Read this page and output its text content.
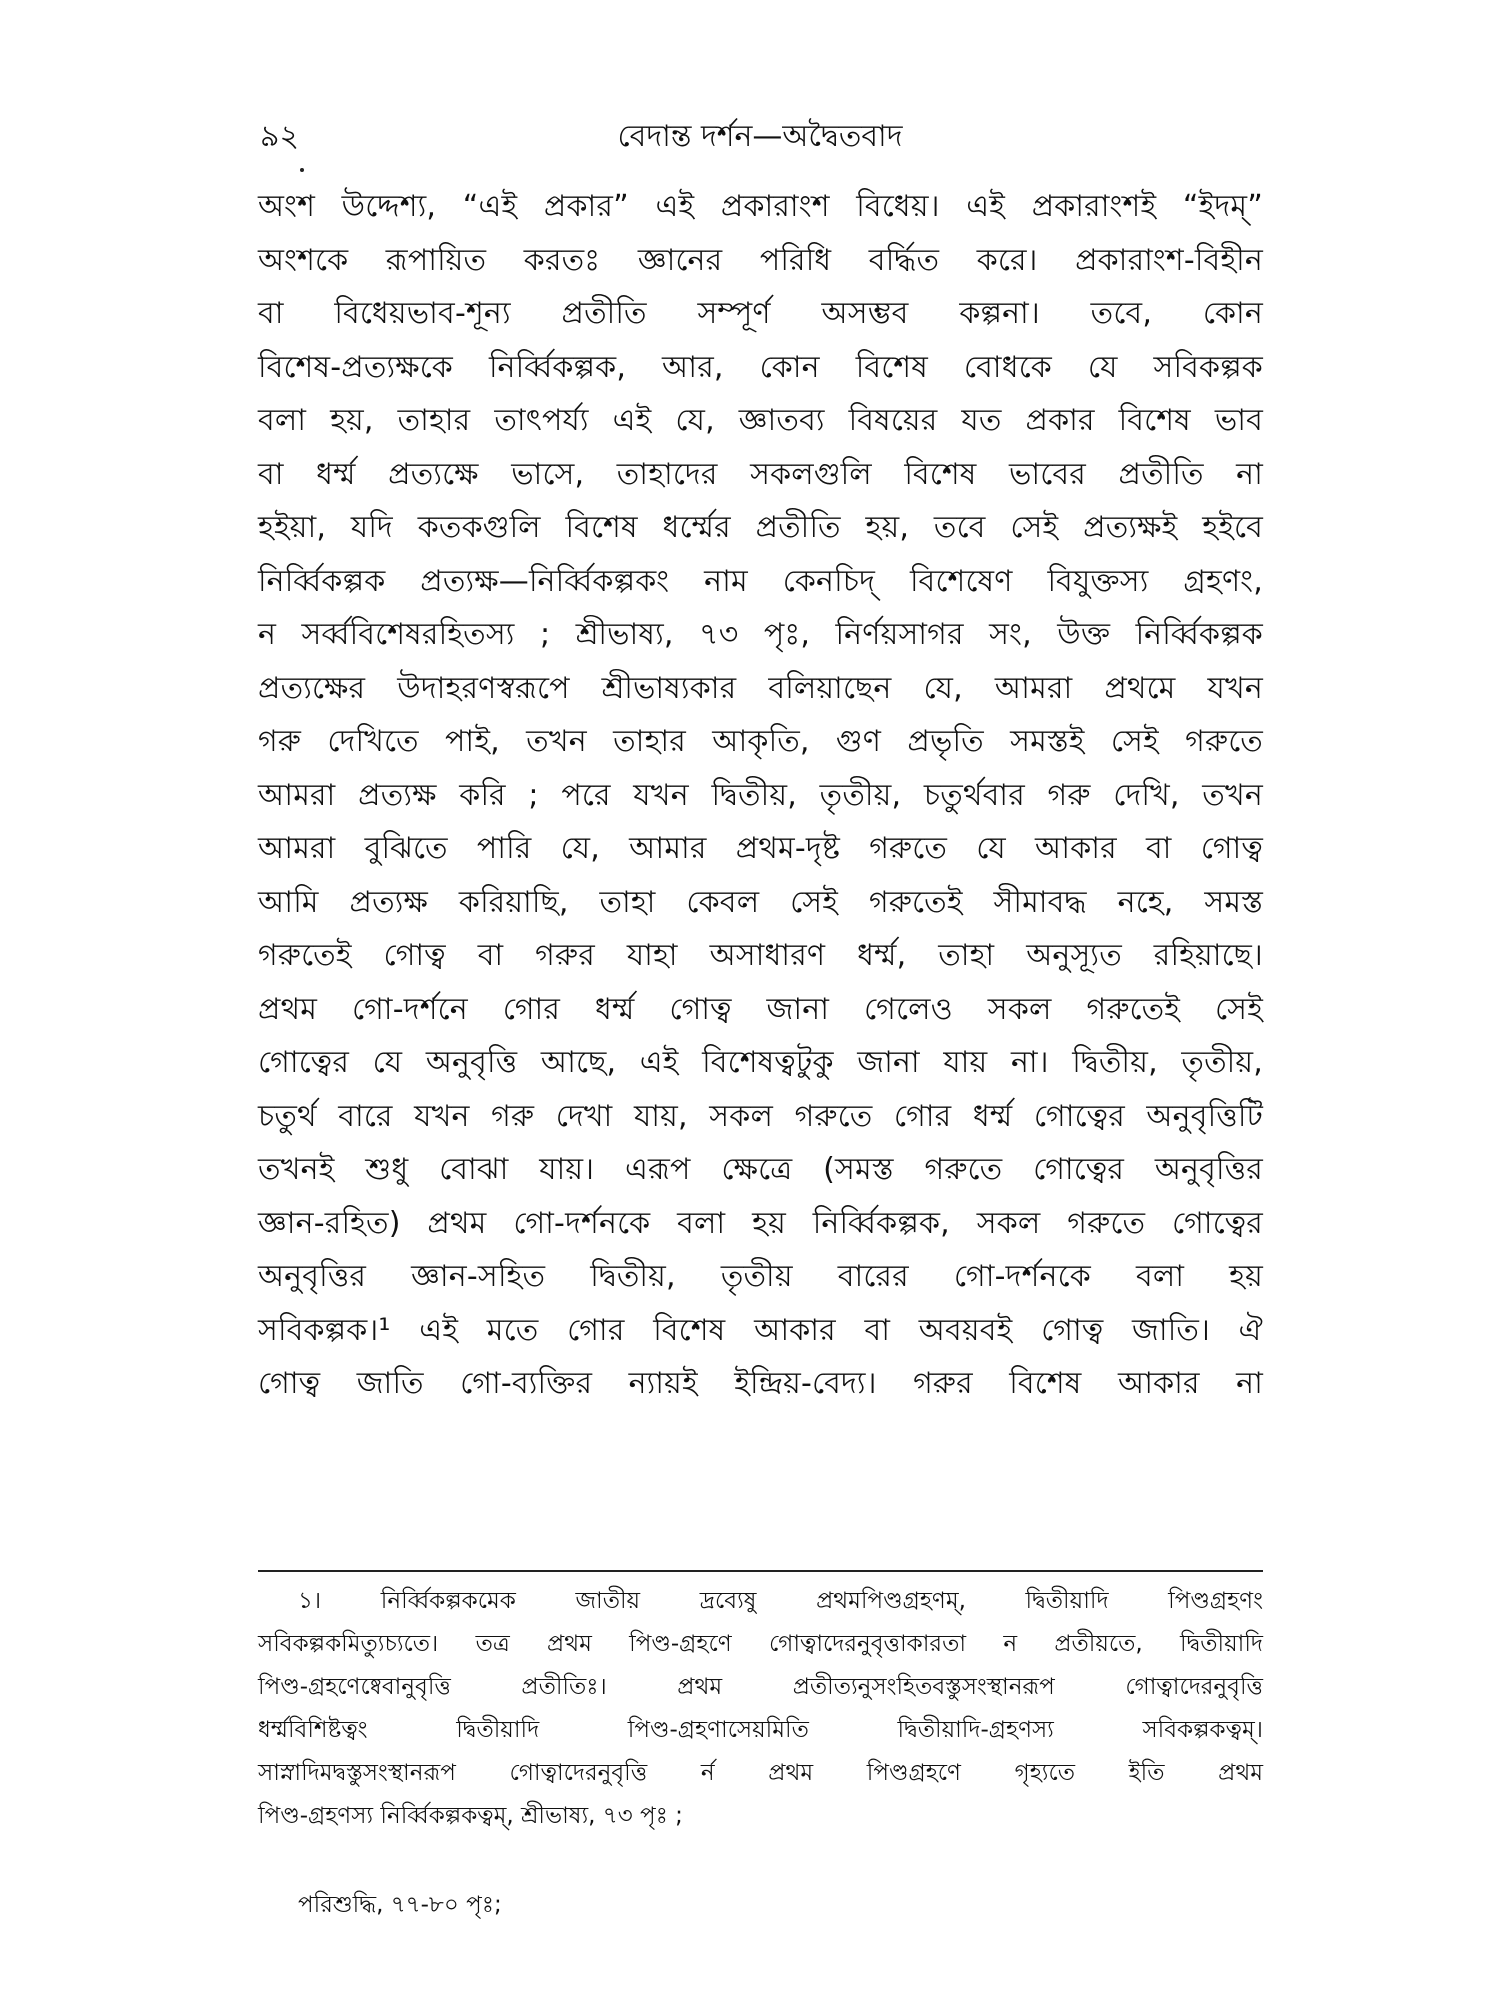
৯২	বেদান্ত দর্শন—অদ্বৈতবাদ
অংশ উদ্দেশ্য, “এই প্রকার” এই প্রকারাংশ বিধেয়। এই প্রকারাংশই “ইদম্”
অংশকে রূপায়িত করতঃ জ্ঞানের পরিধি বর্দ্ধিত করে। প্রকারাংশ-বিহীন
বা বিধেয়ভাব-শূন্য প্রতীতি সম্পূর্ণ অসম্ভব কল্পনা। তবে, কোন
বিশেষ-প্রত্যক্ষকে নির্ব্বিকল্পক, আর, কোন বিশেষ বোধকে যে সবিকল্পক
বলা হয়, তাহার তাৎপর্য্য এই যে, জ্ঞাতব্য বিষয়ের যত প্রকার বিশেষ ভাব
বা ধর্ম্ম প্রত্যক্ষে ভাসে, তাহাদের সকলগুলি বিশেষ ভাবের প্রতীতি না
হইয়া, যদি কতকগুলি বিশেষ ধর্ম্মের প্রতীতি হয়, তবে সেই প্রত্যক্ষই হইবে
নির্ব্বিকল্পক প্রত্যক্ষ—নির্ব্বিকল্পকং নাম কেনচিদ্ বিশেষেণ বিযুক্তস্য গ্রহণং,
ন সর্ব্ববিশেষরহিতস্য ; শ্রীভাষ্য, ৭৩ পৃঃ, নির্ণয়সাগর সং, উক্ত নির্ব্বিকল্পক
প্রত্যক্ষের উদাহরণস্বরূপে শ্রীভাষ্যকার বলিয়াছেন যে, আমরা প্রথমে যখন
গরু দেখিতে পাই, তখন তাহার আকৃতি, গুণ প্রভৃতি সমস্তই সেই গরুতে
আমরা প্রত্যক্ষ করি ; পরে যখন দ্বিতীয়, তৃতীয়, চতুর্থবার গরু দেখি, তখন
আমরা বুঝিতে পারি যে, আমার প্রথম-দৃষ্ট গরুতে যে আকার বা গোত্ব
আমি প্রত্যক্ষ করিয়াছি, তাহা কেবল সেই গরুতেই সীমাবদ্ধ নহে, সমস্ত
গরুতেই গোত্ব বা গরুর যাহা অসাধারণ ধর্ম্ম, তাহা অনুস্যূত রহিয়াছে।
প্রথম গো-দর্শনে গোর ধর্ম্ম গোত্ব জানা গেলেও সকল গরুতেই সেই
গোত্বের যে অনুবৃত্তি আছে, এই বিশেষত্বটুকু জানা যায় না। দ্বিতীয়, তৃতীয়,
চতুর্থ বারে যখন গরু দেখা যায়, সকল গরুতে গোর ধর্ম্ম গোত্বের অনুবৃত্তিটি
তখনই শুধু বোঝা যায়। এরূপ ক্ষেত্রে (সমস্ত গরুতে গোত্বের অনুবৃত্তির
জ্ঞান-রহিত) প্রথম গো-দর্শনকে বলা হয় নির্ব্বিকল্পক, সকল গরুতে গোত্বের
অনুবৃত্তির জ্ঞান-সহিত দ্বিতীয়, তৃতীয় বারের গো-দর্শনকে বলা হয়
সবিকল্পক।¹ এই মতে গোর বিশেষ আকার বা অবয়বই গোত্ব জাতি। ঐ
গোত্ব জাতি গো-ব্যক্তির ন্যায়ই ইন্দ্রিয়-বেদ্য। গরুর বিশেষ আকার না
১। নির্ব্বিকল্পকমেক জাতীয় দ্রব্যেষু প্রথমপিণ্ডগ্রহণম্, দ্বিতীয়াদি পিণ্ডগ্রহণং
সবিকল্পকমিত্যুচ্যতে। তত্র প্রথম পিণ্ড-গ্রহণে গোত্বাদেরনুবৃত্তাকারতা ন প্রতীয়তে, দ্বিতীয়াদি
পিণ্ড-গ্রহণেষ্বেবানুবৃত্তি প্রতীতিঃ। প্রথম প্রতীত্যনুসংহিতবস্তুসংস্থানরূপ গোত্বাদেরনুবৃত্তি
ধর্ম্মবিশিষ্টত্বং দ্বিতীয়াদি পিণ্ড-গ্রহণাসেয়মিতি দ্বিতীয়াদি-গ্রহণস্য সবিকল্পকত্বম্।
সাস্নাদিমদ্বস্তুসংস্থানরূপ গোত্বাদেরনুবৃত্তি র্ন প্রথম পিণ্ডগ্রহণে গৃহ্যতে ইতি প্রথম
পিণ্ড-গ্রহণস্য নির্ব্বিকল্পকত্বম্, শ্রীভাষ্য, ৭৩ পৃঃ ;
পরিশুদ্ধি, ৭৭-৮০ পৃঃ;
